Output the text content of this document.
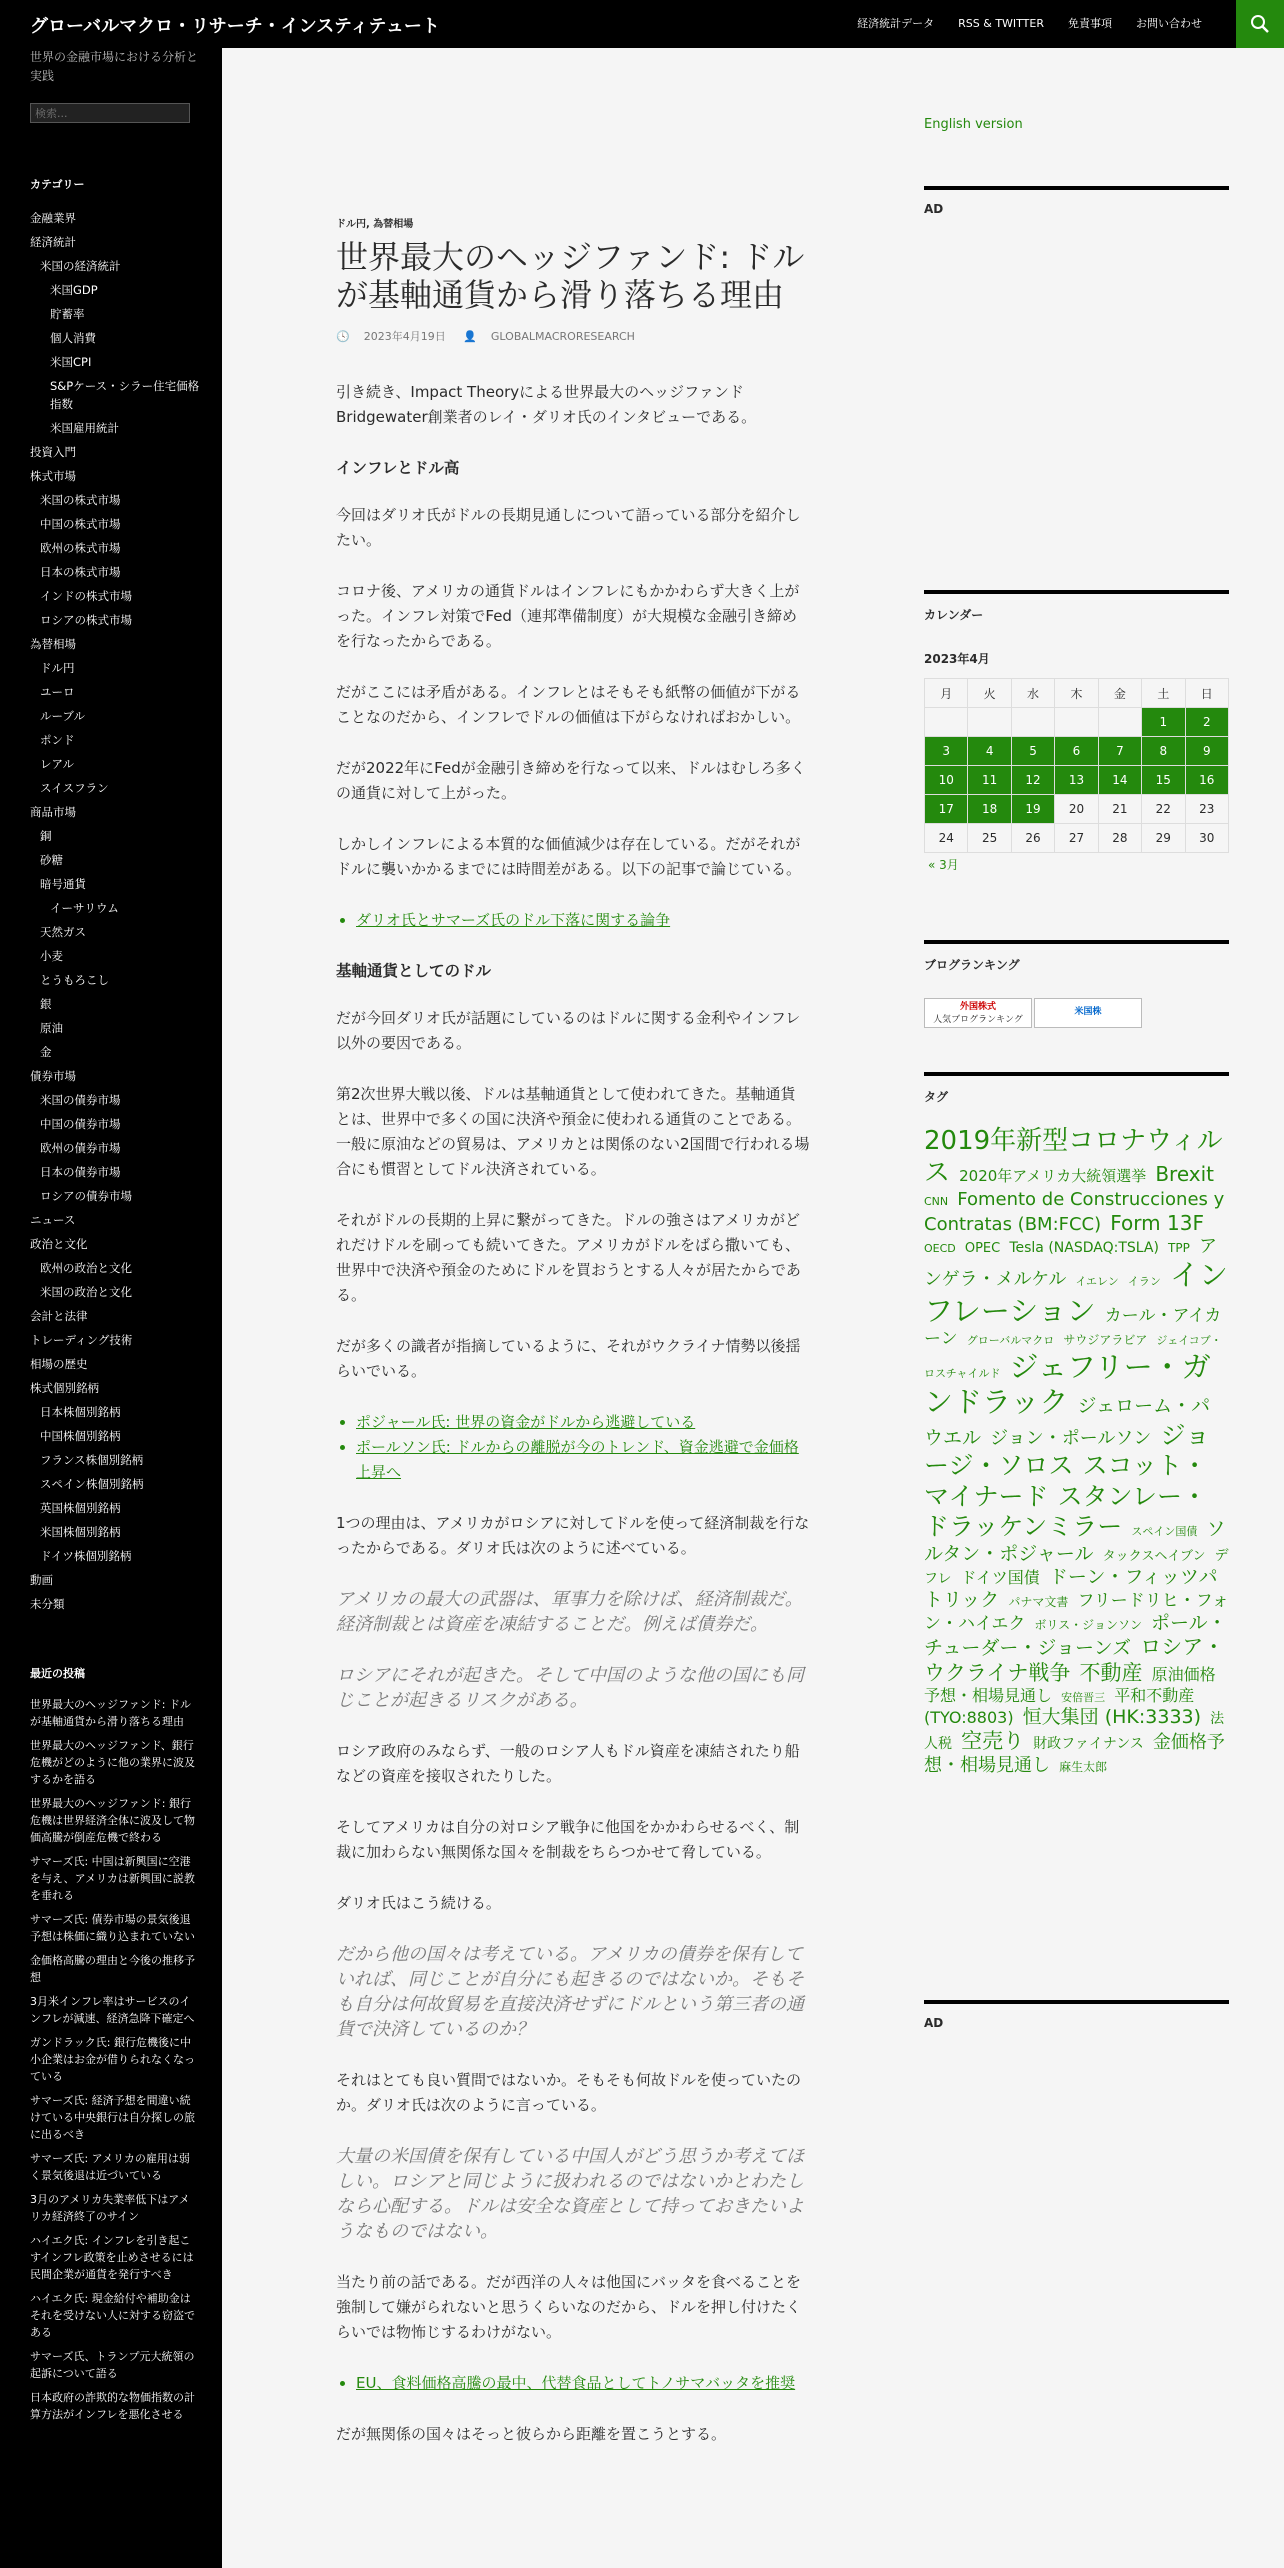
グローバルマクロ・リサーチ・インスティテュート	経済統計データ	RSS & TWITTER	免責事項	お問い合わせ
世界の金融市場における分析と実践
検索...
カテゴリー
金融業界
経済統計
米国の経済統計
米国GDP
貯蓄率
個人消費
米国CPI
S&Pケース・シラー住宅価格指数
米国雇用統計
投資入門
株式市場
米国の株式市場
中国の株式市場
欧州の株式市場
日本の株式市場
インドの株式市場
ロシアの株式市場
為替相場
ドル円
ユーロ
ルーブル
ポンド
レアル
スイスフラン
商品市場
銅
砂糖
暗号通貨
イーサリウム
天然ガス
小麦
とうもろこし
銀
原油
金
債券市場
米国の債券市場
中国の債券市場
欧州の債券市場
日本の債券市場
ロシアの債券市場
ニュース
政治と文化
欧州の政治と文化
米国の政治と文化
会計と法律
トレーディング技術
相場の歴史
株式個別銘柄
日本株個別銘柄
中国株個別銘柄
フランス株個別銘柄
スペイン株個別銘柄
英国株個別銘柄
米国株個別銘柄
ドイツ株個別銘柄
動画
未分類
最近の投稿
世界最大のヘッジファンド: ドルが基軸通貨から滑り落ちる理由
世界最大のヘッジファンド、銀行危機がどのように他の業界に波及するかを語る
世界最大のヘッジファンド: 銀行危機は世界経済全体に波及して物価高騰が倒産危機で終わる
サマーズ氏: 中国は新興国に空港を与え、アメリカは新興国に説教を垂れる
サマーズ氏: 債券市場の景気後退予想は株価に織り込まれていない
金価格高騰の理由と今後の推移予想
3月米インフレ率はサービスのインフレが減速、経済急降下確定へ
ガンドラック氏: 銀行危機後に中小企業はお金が借りられなくなっている
サマーズ氏: 経済予想を間違い続けている中央銀行は自分探しの旅に出るべき
サマーズ氏: アメリカの雇用は弱く景気後退は近づいている
3月のアメリカ失業率低下はアメリカ経済終了のサイン
ハイエク氏: インフレを引き起こすインフレ政策を止めさせるには民間企業が通貨を発行すべき
ハイエク氏: 現金給付や補助金はそれを受けない人に対する窃盗である
サマーズ氏、トランプ元大統領の起訴について語る
日本政府の詐欺的な物価指数の計算方法がインフレを悪化させる
ドル円, 為替相場
世界最大のヘッジファンド: ドルが基軸通貨から滑り落ちる理由
🕓 2023年4月19日 👤 GLOBALMACRORESEARCH
引き続き、Impact Theoryによる世界最大のヘッジファンドBridgewater創業者のレイ・ダリオ氏のインタビューである。
インフレとドル高
今回はダリオ氏がドルの長期見通しについて語っている部分を紹介したい。
コロナ後、アメリカの通貨ドルはインフレにもかかわらず大きく上がった。インフレ対策でFed（連邦準備制度）が大規模な金融引き締めを行なったからである。
だがここには矛盾がある。インフレとはそもそも紙幣の価値が下がることなのだから、インフレでドルの価値は下がらなければおかしい。
だが2022年にFedが金融引き締めを行なって以来、ドルはむしろ多くの通貨に対して上がった。
しかしインフレによる本質的な価値減少は存在している。だがそれがドルに襲いかかるまでには時間差がある。以下の記事で論じている。
• ダリオ氏とサマーズ氏のドル下落に関する論争
基軸通貨としてのドル
だが今回ダリオ氏が話題にしているのはドルに関する金利やインフレ以外の要因である。
第2次世界大戦以後、ドルは基軸通貨として使われてきた。基軸通貨とは、世界中で多くの国に決済や預金に使われる通貨のことである。一般に原油などの貿易は、アメリカとは関係のない2国間で行われる場合にも慣習としてドル決済されている。
それがドルの長期的上昇に繋がってきた。ドルの強さはアメリカがどれだけドルを刷っても続いてきた。アメリカがドルをばら撒いても、世界中で決済や預金のためにドルを買おうとする人々が居たからである。
だが多くの識者が指摘しているように、それがウクライナ情勢以後揺らいでいる。
• ポジャール氏: 世界の資金がドルから逃避している
• ポールソン氏: ドルからの離脱が今のトレンド、資金逃避で金価格上昇へ
1つの理由は、アメリカがロシアに対してドルを使って経済制裁を行なったからである。ダリオ氏は次のように述べている。
アメリカの最大の武器は、軍事力を除けば、経済制裁だ。経済制裁とは資産を凍結することだ。例えば債券だ。
ロシアにそれが起きた。そして中国のような他の国にも同じことが起きるリスクがある。
ロシア政府のみならず、一般のロシア人もドル資産を凍結されたり船などの資産を接収されたりした。
そしてアメリカは自分の対ロシア戦争に他国をかかわらせるべく、制裁に加わらない無関係な国々を制裁をちらつかせて脅している。
ダリオ氏はこう続ける。
だから他の国々は考えている。アメリカの債券を保有していれば、同じことが自分にも起きるのではないか。そもそも自分は何故貿易を直接決済せずにドルという第三者の通貨で決済しているのか？
それはとても良い質問ではないか。そもそも何故ドルを使っていたのか。ダリオ氏は次のように言っている。
大量の米国債を保有している中国人がどう思うか考えてほしい。ロシアと同じように扱われるのではないかとわたしなら心配する。ドルは安全な資産として持っておきたいようなものではない。
当たり前の話である。だが西洋の人々は他国にバッタを食べることを強制して嫌がられないと思うくらいなのだから、ドルを押し付けたくらいでは物怖じするわけがない。
• EU、食料価格高騰の最中、代替食品としてトノサマバッタを推奨
だが無関係の国々はそっと彼らから距離を置こうとする。
English version
AD
カレンダー
2023年4月
月	火	水	木	金	土	日
					1	2
3	4	5	6	7	8	9
10	11	12	13	14	15	16
17	18	19	20	21	22	23
24	25	26	27	28	29	30
« 3月
ブログランキング
外国株式
人気ブログランキング
米国株
タグ
2019年新型コロナウィルス 2020年アメリカ大統領選挙 Brexit CNN Fomento de Construcciones y Contratas (BM:FCC) Form 13F OECD OPEC Tesla (NASDAQ:TSLA) TPP アンゲラ・メルケル イエレン イラン インフレーション カール・アイカーン グローバルマクロ サウジアラビア ジェイコブ・ロスチャイルド ジェフリー・ガンドラック ジェローム・パウエル ジョン・ポールソン ジョージ・ソロス スコット・マイナード スタンレー・ドラッケンミラー スペイン国債 ソルタン・ポジャール タックスヘイブン デフレ ドイツ国債 ドーン・フィッツパトリック パナマ文書 フリードリヒ・フォン・ハイエク ボリス・ジョンソン ポール・チューダー・ジョーンズ ロシア・ウクライナ戦争 不動産 原油価格予想・相場見通し 安倍晋三 平和不動産 (TYO:8803) 恒大集団 (HK:3333) 法人税 空売り 財政ファイナンス 金価格予想・相場見通し 麻生太郎
AD
